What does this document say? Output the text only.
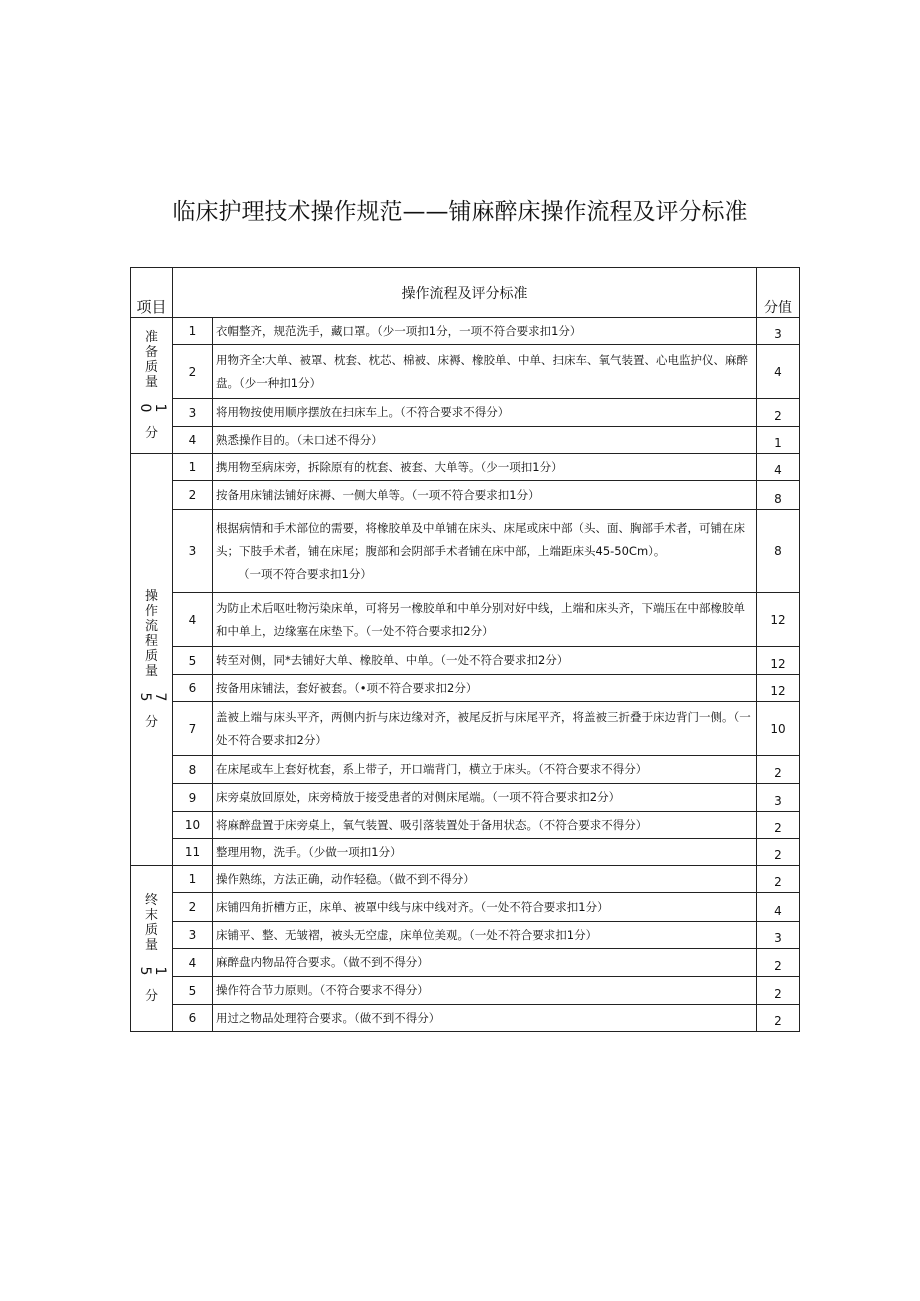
临床护理技术操作规范——铺麻醉床操作流程及评分标准
项目	操作流程及评分标准		分值

准备质量
10
分	1	衣帽整齐，规范洗手，藏口罩。（少一项扣1分，一项不符合要求扣1分）	3
	2	用物齐全∶大单、被罩、枕套、枕芯、棉被、床褥、橡胶单、中单、扫床车、氧气装置、心电监护仪、麻醉盘。（少一种扣1分）	4
	3	将用物按使用顺序摆放在扫床车上。（不符合要求不得分）	2
	4	熟悉操作目的。（未口述不得分）	1

操作流程质量
75
分	1	携用物至病床旁，拆除原有的枕套、被套、大单等。（少一项扣1分）	4
	2	按备用床铺法铺好床褥、一侧大单等。（一项不符合要求扣1分）	8
	3	根据病情和手术部位的需要，将橡胶单及中单铺在床头、床尾或床中部（头、面、胸部手术者，可铺在床头；下肢手术者，铺在床尾；腹部和会阴部手术者铺在床中部，上端距床头45-50Cm）。
（一项不符合要求扣1分）	8
	4	为防止术后呕吐物污染床单，可将另一橡胶单和中单分别对好中线，上端和床头齐，下端压在中部橡胶单和中单上，边缘塞在床垫下。（一处不符合要求扣2分）	12
	5	转至对侧，同*去铺好大单、橡胶单、中单。（一处不符合要求扣2分）	12
	6	按备用床铺法，套好被套。（•项不符合要求扣2分）	12
	7	盖被上端与床头平齐，两侧内折与床边缘对齐，被尾反折与床尾平齐，将盖被三折叠于床边背门一侧。（一处不符合要求扣2分）	10
	8	在床尾或车上套好枕套，系上带子，开口端背门，横立于床头。（不符合要求不得分）	2
	9	床旁桌放回原处，床旁椅放于接受患者的对侧床尾端。（一项不符合要求扣2分）	3
	10	将麻醉盘置于床旁桌上，氧气装置、吸引落装置处于备用状态。（不符合要求不得分）	2
	11	整理用物，洗手。（少做一项扣1分）	2

终末质量
15
分	1	操作熟练，方法正确，动作轻稳。（做不到不得分）	2
	2	床铺四角折槽方正，床单、被罩中线与床中线对齐。（一处不符合要求扣1分）	4
	3	床铺平、整、无皱褶，被头无空虚，床单位美观。（一处不符合要求扣1分）	3
	4	麻醉盘内物品符合要求。（做不到不得分）	2
	5	操作符合节力原则。（不符合要求不得分）	2
	6	用过之物品处理符合要求。（做不到不得分）	2
